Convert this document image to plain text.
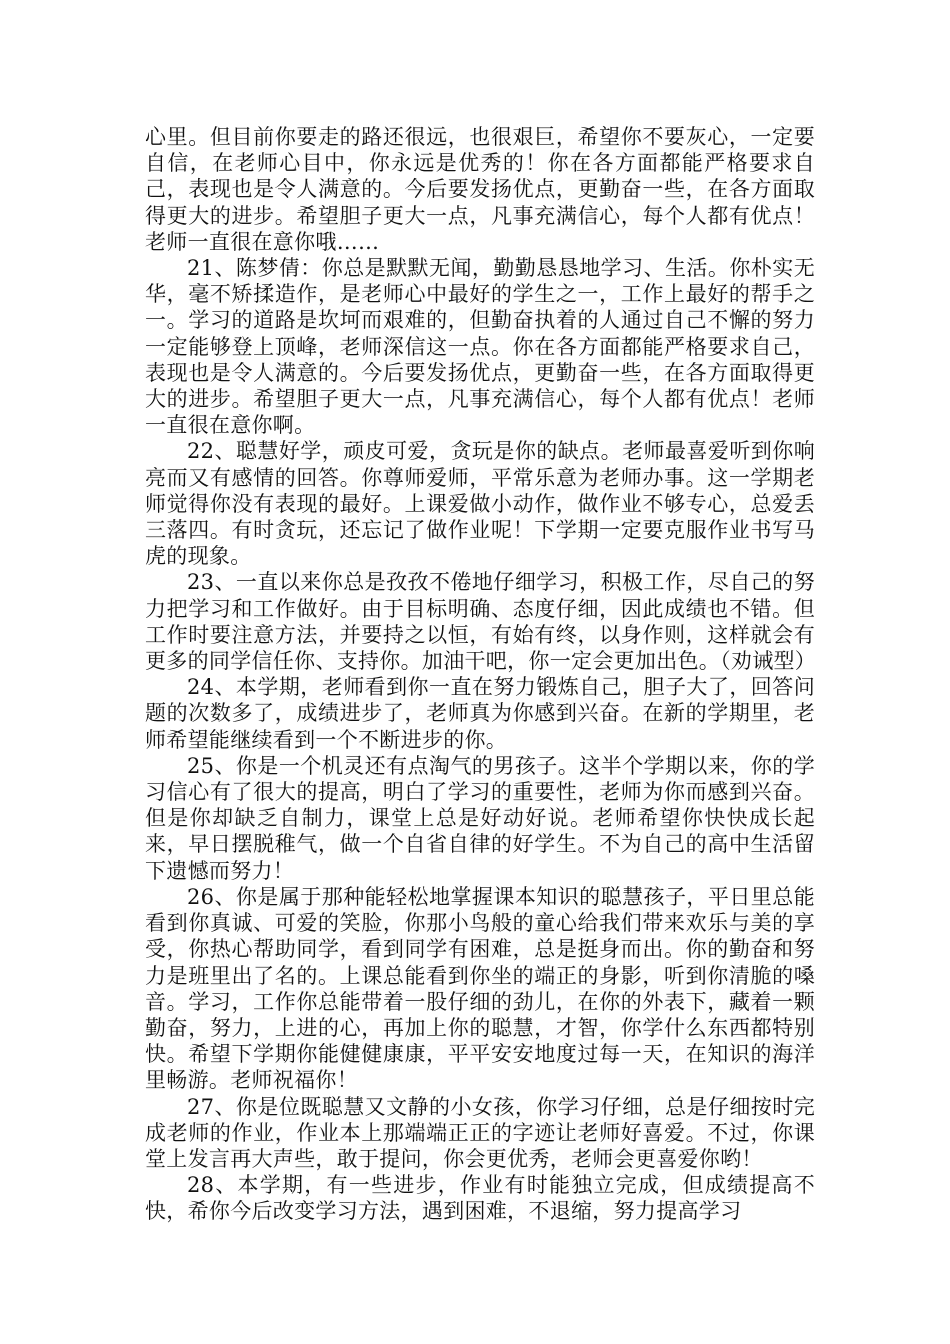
心里。但目前你要走的路还很远，也很艰巨，希望你不要灰心，一定要自信，在老师心目中，你永远是优秀的！你在各方面都能严格要求自己，表现也是令人满意的。今后要发扬优点，更勤奋一些，在各方面取得更大的进步。希望胆子更大一点，凡事充满信心，每个人都有优点！老师一直很在意你哦……

21、陈梦倩：你总是默默无闻，勤勤恳恳地学习、生活。你朴实无华，毫不矫揉造作，是老师心中最好的学生之一，工作上最好的帮手之一。学习的道路是坎坷而艰难的，但勤奋执着的人通过自己不懈的努力一定能够登上顶峰，老师深信这一点。你在各方面都能严格要求自己，表现也是令人满意的。今后要发扬优点，更勤奋一些，在各方面取得更大的进步。希望胆子更大一点，凡事充满信心，每个人都有优点！老师一直很在意你啊。

22、聪慧好学，顽皮可爱，贪玩是你的缺点。老师最喜爱听到你响亮而又有感情的回答。你尊师爱师，平常乐意为老师办事。这一学期老师觉得你没有表现的最好。上课爱做小动作，做作业不够专心，总爱丢三落四。有时贪玩，还忘记了做作业呢！下学期一定要克服作业书写马虎的现象。

23、一直以来你总是孜孜不倦地仔细学习，积极工作，尽自己的努力把学习和工作做好。由于目标明确、态度仔细，因此成绩也不错。但工作时要注意方法，并要持之以恒，有始有终，以身作则，这样就会有更多的同学信任你、支持你。加油干吧，你一定会更加出色。（劝诫型）

24、本学期，老师看到你一直在努力锻炼自己，胆子大了，回答问题的次数多了，成绩进步了，老师真为你感到兴奋。在新的学期里，老师希望能继续看到一个不断进步的你。

25、你是一个机灵还有点淘气的男孩子。这半个学期以来，你的学习信心有了很大的提高，明白了学习的重要性，老师为你而感到兴奋。但是你却缺乏自制力，课堂上总是好动好说。老师希望你快快成长起来，早日摆脱稚气，做一个自省自律的好学生。不为自己的高中生活留下遗憾而努力！

26、你是属于那种能轻松地掌握课本知识的聪慧孩子，平日里总能看到你真诚、可爱的笑脸，你那小鸟般的童心给我们带来欢乐与美的享受，你热心帮助同学，看到同学有困难，总是挺身而出。你的勤奋和努力是班里出了名的。上课总能看到你坐的端正的身影，听到你清脆的嗓音。学习，工作你总能带着一股仔细的劲儿，在你的外表下，藏着一颗勤奋，努力，上进的心，再加上你的聪慧，才智，你学什么东西都特别快。希望下学期你能健健康康，平平安安地度过每一天，在知识的海洋里畅游。老师祝福你！

27、你是位既聪慧又文静的小女孩，你学习仔细，总是仔细按时完成老师的作业，作业本上那端端正正的字迹让老师好喜爱。不过，你课堂上发言再大声些，敢于提问，你会更优秀，老师会更喜爱你哟！

28、本学期，有一些进步，作业有时能独立完成，但成绩提高不快，希你今后改变学习方法，遇到困难，不退缩，努力提高学习
